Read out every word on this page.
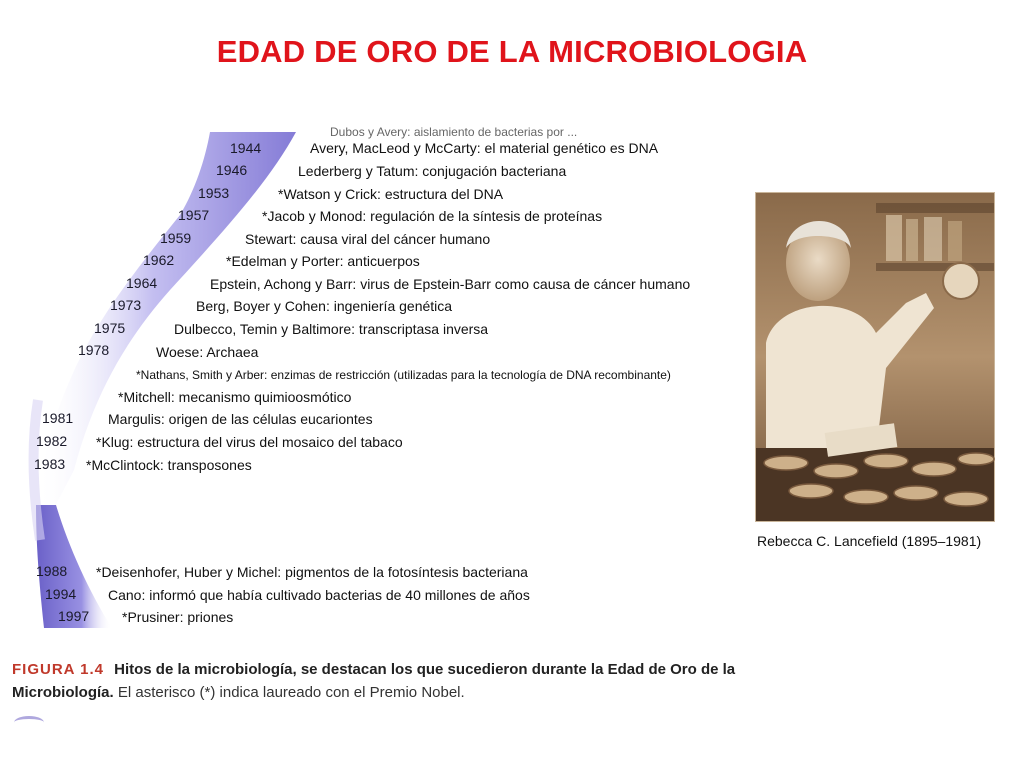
EDAD DE ORO DE LA MICROBIOLOGIA
Dubos y Avery: aislamiento de bacterias por ...
1944	Avery, MacLeod y McCarty: el material genético es DNA
1946	Lederberg y Tatum: conjugación bacteriana
1953	*Watson y Crick: estructura del DNA
1957	*Jacob y Monod: regulación de la síntesis de proteínas
1959	Stewart: causa viral del cáncer humano
1962	*Edelman y Porter: anticuerpos
1964	Epstein, Achong y Barr: virus de Epstein-Barr como causa de cáncer humano
1973	Berg, Boyer y Cohen: ingeniería genética
1975	Dulbecco, Temin y Baltimore: transcriptasa inversa
1978	Woese: Archaea
*Nathans, Smith y Arber: enzimas de restricción (utilizadas para la tecnología de DNA recombinante)
*Mitchell: mecanismo quimioosmótico
1981 Margulis: origen de las células eucariontes
1982 *Klug: estructura del virus del mosaico del tabaco
1983 *McClintock: transposones
1988 *Deisenhofer, Huber y Michel: pigmentos de la fotosíntesis bacteriana
1994 Cano: informó que había cultivado bacterias de 40 millones de años
1997 *Prusiner: priones
Rebecca C. Lancefield (1895–1981)
FIGURA 1.4 Hitos de la microbiología, se destacan los que sucedieron durante la Edad de Oro de la Microbiología. El asterisco (*) indica laureado con el Premio Nobel.
